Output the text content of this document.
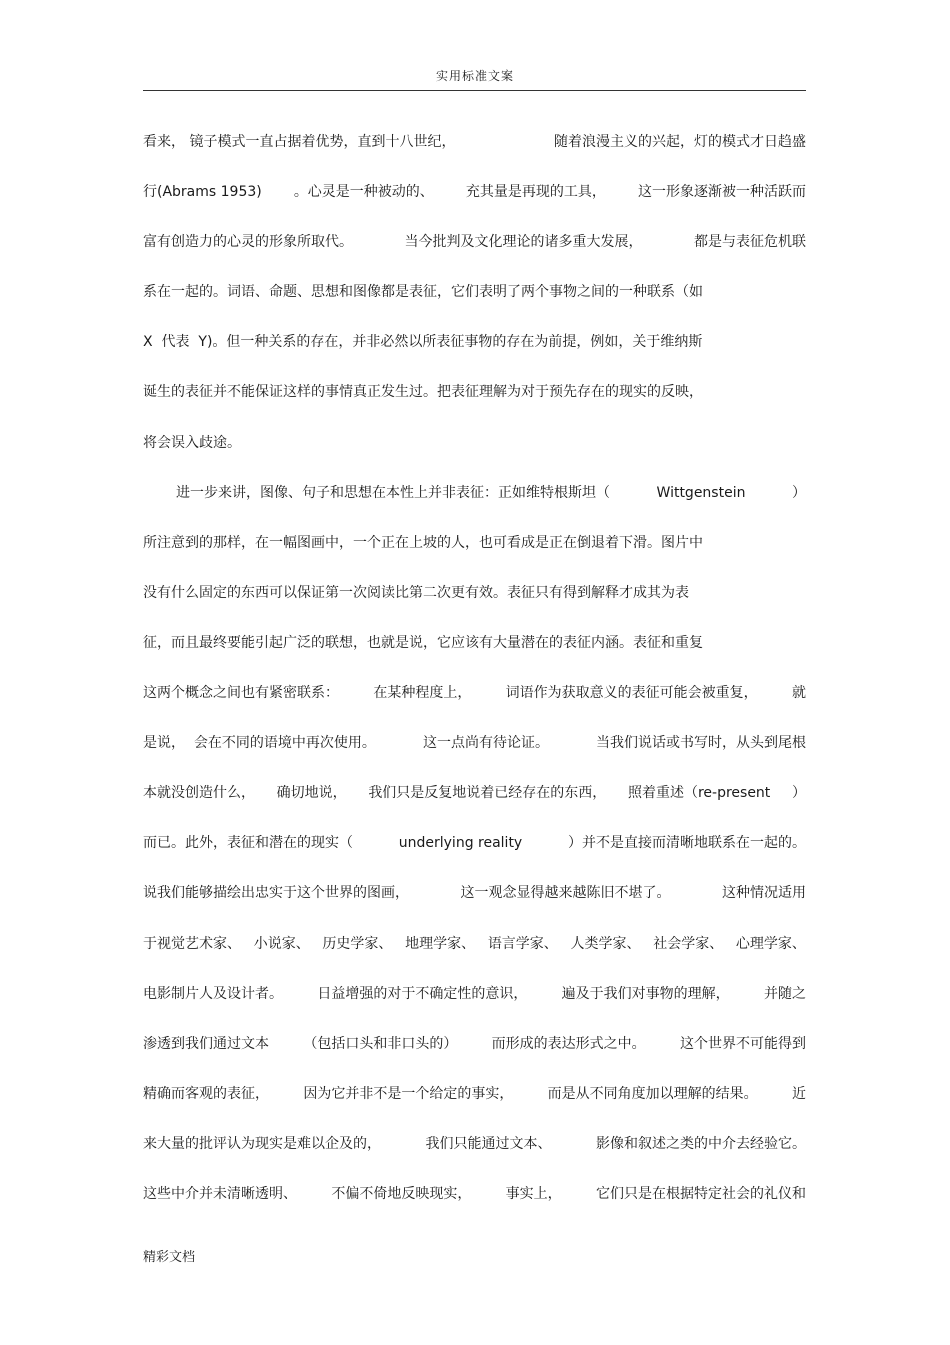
实用标准文案
看来， 镜子模式一直占据着优势，直到十八世纪，	随着浪漫主义的兴起，灯的模式才日趋盛
行(Abrams 1953) 。心灵是一种被动的、 充其量是再现的工具， 这一形象逐渐被一种活跃而
富有创造力的心灵的形象所取代。	当今批判及文化理论的诸多重大发展，	都是与表征危机联
系在一起的。词语、命题、思想和图像都是表征，它们表明了两个事物之间的一种联系（如
X  代表  Y)。但一种关系的存在，并非必然以所表征事物的存在为前提，例如，关于维纳斯
诞生的表征并不能保证这样的事情真正发生过。把表征理解为对于预先存在的现实的反映，
将会误入歧途。
进一步来讲，图像、句子和思想在本性上并非表征：正如维特根斯坦（	Wittgenstein	）
所注意到的那样，在一幅图画中，一个正在上坡的人，也可看成是正在倒退着下滑。图片中
没有什么固定的东西可以保证第一次阅读比第二次更有效。表征只有得到解释才成其为表
征，而且最终要能引起广泛的联想， 也就是说，它应该有大量潜在的表征内涵。表征和重复
这两个概念之间也有紧密联系： 在某种程度上， 词语作为获取意义的表征可能会被重复， 就
是说，  会在不同的语境中再次使用。	这一点尚有待论证。	当我们说话或书写时，从头到尾根
本就没创造什么， 确切地说， 我们只是反复地说着已经存在的东西， 照着重述（re-present ）
而已。此外，表征和潜在的现实（	underlying reality	）并不是直接而清晰地联系在一起的。
说我们能够描绘出忠实于这个世界的图画，	这一观念显得越来越陈旧不堪了。	这种情况适用
于视觉艺术家、 小说家、 历史学家、 地理学家、 语言学家、 人类学家、 社会学家、 心理学家、
电影制片人及设计者。 日益增强的对于不确定性的意识， 遍及于我们对事物的理解， 并随之
渗透到我们通过文本 （包括口头和非口头的） 而形成的表达形式之中。 这个世界不可能得到
精确而客观的表征， 因为它并非不是一个给定的事实， 而是从不同角度加以理解的结果。 近
来大量的批评认为现实是难以企及的，	我们只能通过文本、	影像和叙述之类的中介去经验它。
这些中介并未清晰透明、 不偏不倚地反映现实， 事实上， 它们只是在根据特定社会的礼仪和
精彩文档
